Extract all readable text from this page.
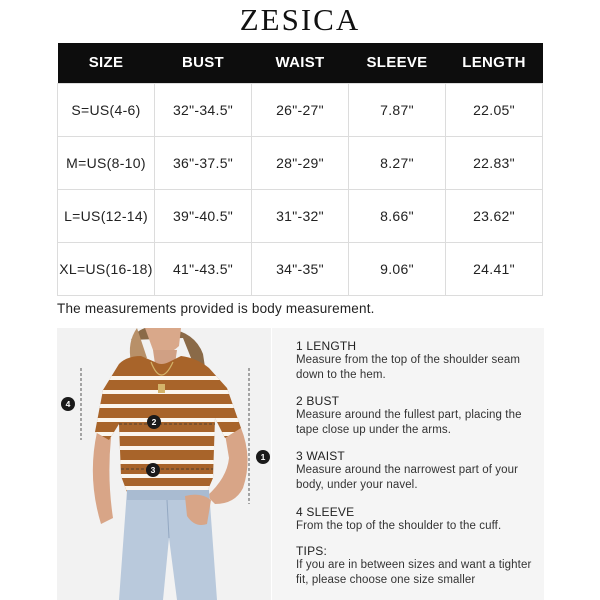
ZESICA
SIZE	BUST	WAIST	SLEEVE	LENGTH
S=US(4-6)	32"-34.5"	26"-27"	7.87"	22.05"
M=US(8-10)	36"-37.5"	28"-29"	8.27"	22.83"
L=US(12-14)	39"-40.5"	31"-32"	8.66"	23.62"
XL=US(16-18)	41"-43.5"	34"-35"	9.06"	24.41"
The measurements provided is body measurement.
4
2
3
1
1 LENGTH
Measure from the top of the shoulder seam down to the hem.
2 BUST
Measure around the fullest part, placing the tape close up under the arms.
3 WAIST
Measure around the narrowest part of your body, under your navel.
4 SLEEVE
From the top of the shoulder to the cuff.
TIPS:
If you are in between sizes and want a tighter fit, please choose one size smaller
